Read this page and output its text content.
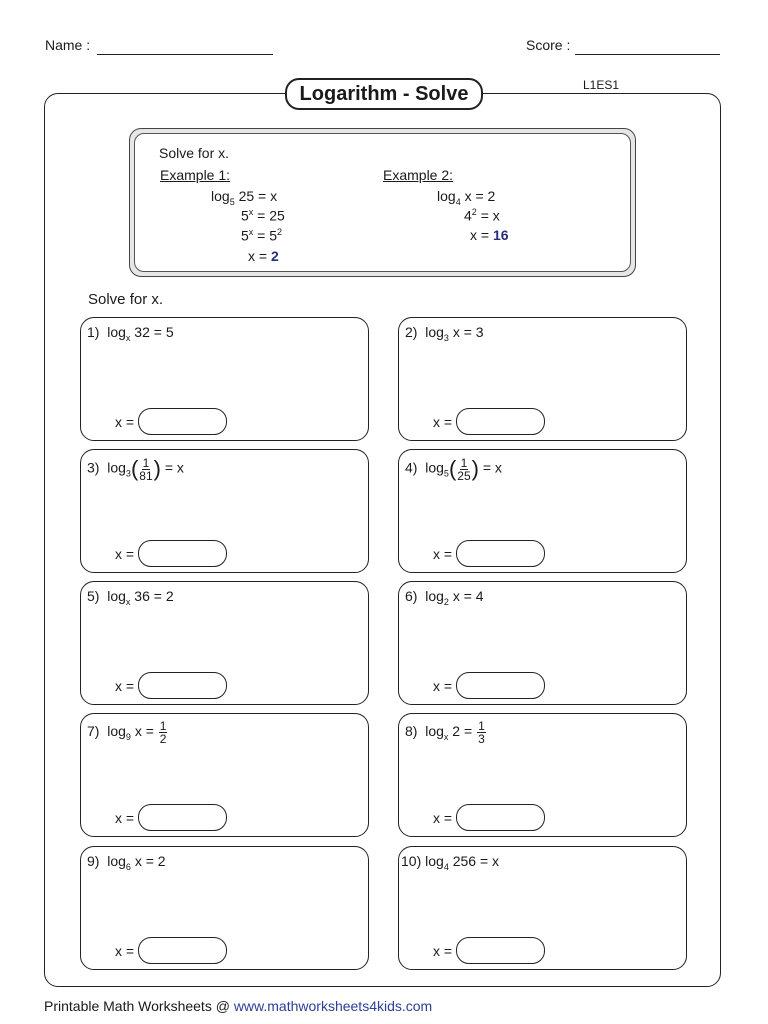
Name :	Score :
L1ES1
Logarithm - Solve
Solve for x.
Example 1:
$\log_5 25 = x$
$5^x = 25$
$5^x = 5^2$
x = 2
Example 2:
$\log_4 x = 2$
$4^2 = x$
x = 16
Solve for x.
1) $\log_x 32 = 5$
x =
2) $\log_3 x = 3$
x =
3) $\log_3( \frac{1}{81}$ ) = x
x =
4) $\log_5( \frac{1}{25}$ ) = x
x =
5) $\log_x 36 = 2$
x =
6) $\log_2 x = 4$
x =
7) $\log_9 x = \frac{1}{2}$
x =
8) $\log_x 2 = \frac{1}{3}$
x =
9) $\log_6 x = 2$
x =
10) $\log_4 256 = x$
x =
Printable Math Worksheets @ www.mathworksheets4kids.com
